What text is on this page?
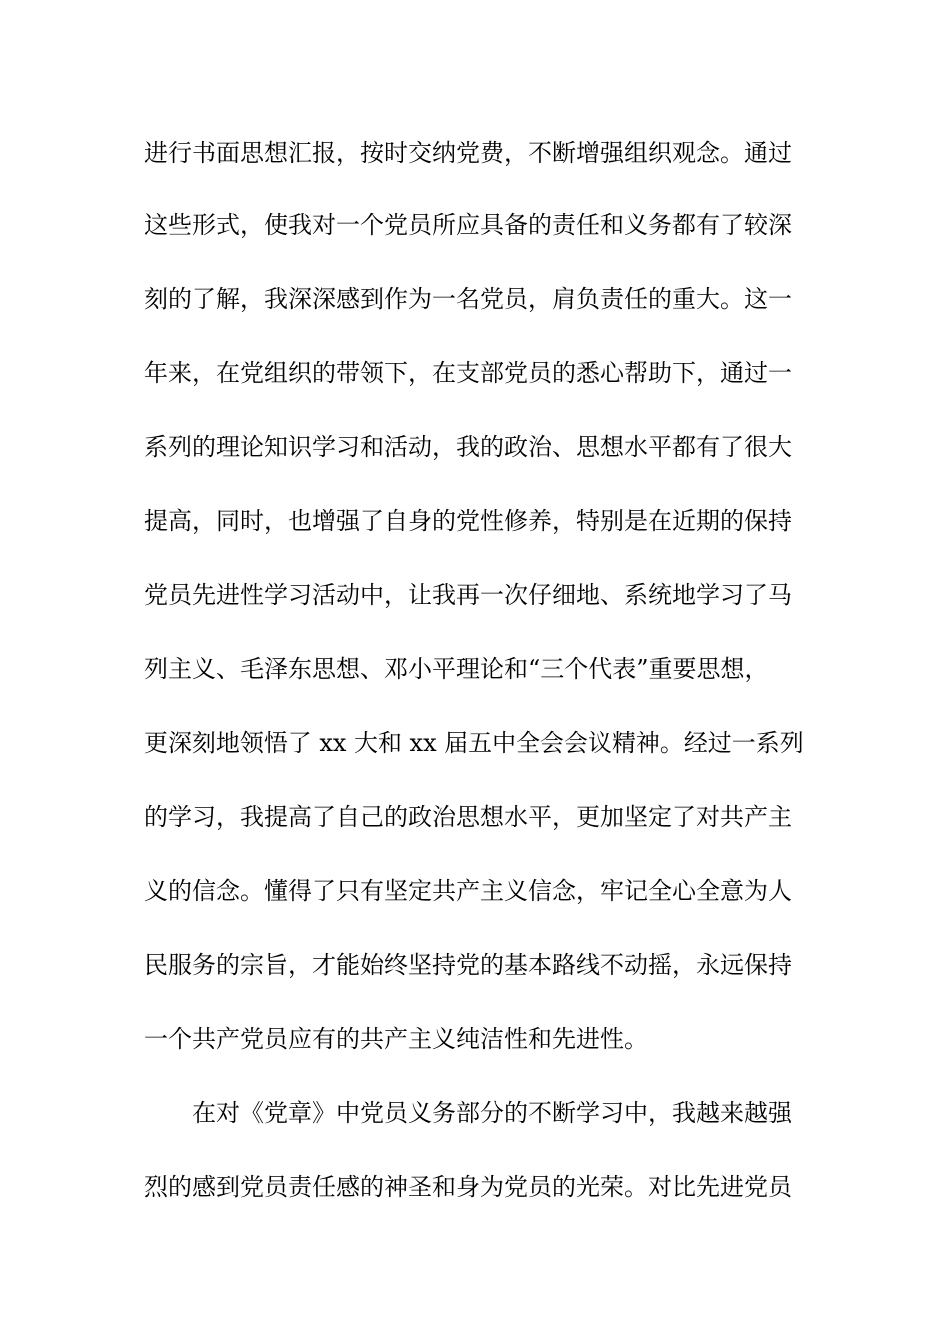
进行书面思想汇报，按时交纳党费，不断增强组织观念。通过
这些形式，使我对一个党员所应具备的责任和义务都有了较深
刻的了解，我深深感到作为一名党员，肩负责任的重大。这一
年来，在党组织的带领下，在支部党员的悉心帮助下，通过一
系列的理论知识学习和活动，我的政治、思想水平都有了很大
提高，同时，也增强了自身的党性修养，特别是在近期的保持
党员先进性学习活动中，让我再一次仔细地、系统地学习了马
列主义、毛泽东思想、邓小平理论和“三个代表”重要思想，
更深刻地领悟了 xx 大和 xx 届五中全会会议精神。经过一系列
的学习，我提高了自己的政治思想水平，更加坚定了对共产主
义的信念。懂得了只有坚定共产主义信念，牢记全心全意为人
民服务的宗旨，才能始终坚持党的基本路线不动摇，永远保持
一个共产党员应有的共产主义纯洁性和先进性。
　　在对《党章》中党员义务部分的不断学习中，我越来越强
烈的感到党员责任感的神圣和身为党员的光荣。对比先进党员
